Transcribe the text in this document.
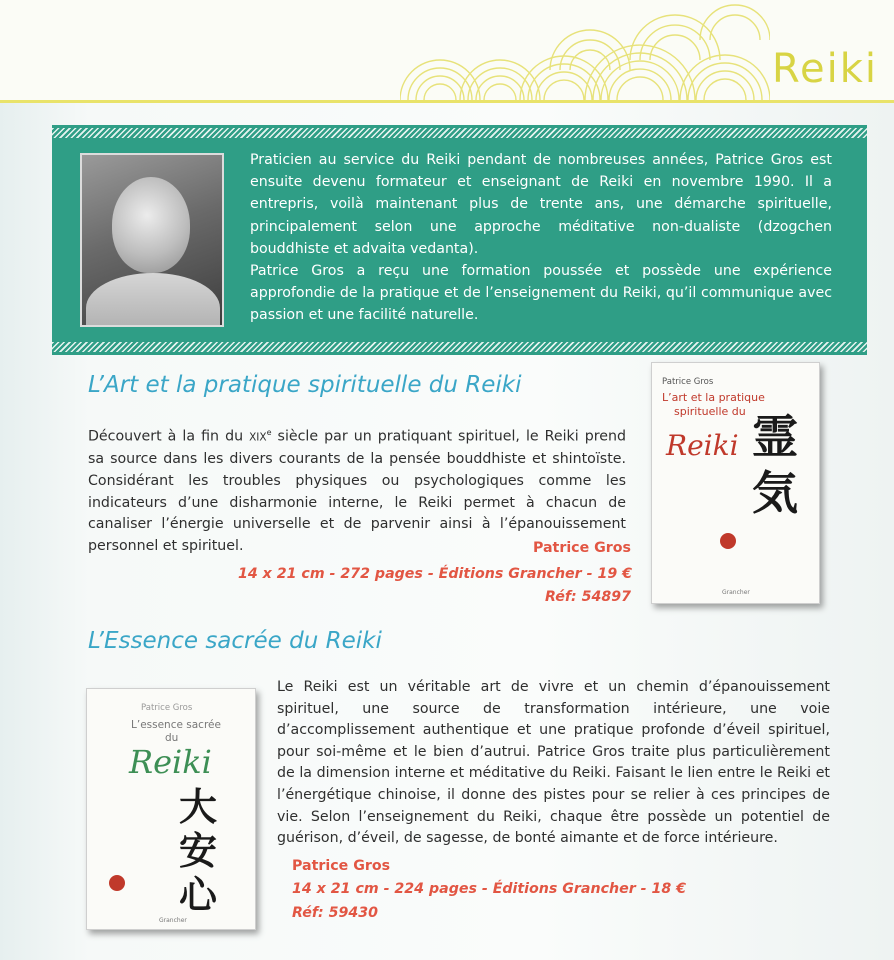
Reiki

Praticien au service du Reiki pendant de nombreuses années, Patrice Gros est ensuite devenu formateur et enseignant de Reiki en novembre 1990. Il a entrepris, voilà maintenant plus de trente ans, une démarche spirituelle, principalement selon une approche méditative non-dualiste (dzogchen bouddhiste et advaita vedanta).

Patrice Gros a reçu une formation poussée et possède une expérience approfondie de la pratique et de l’enseignement du Reiki, qu’il communique avec passion et une facilité naturelle.

L’Art et la pratique spirituelle du Reiki

Découvert à la fin du XIXe siècle par un pratiquant spirituel, le Reiki prend sa source dans les divers courants de la pensée bouddhiste et shintoïste. Considérant les troubles physiques ou psychologiques comme les indicateurs d’une disharmonie interne, le Reiki permet à chacun de canaliser l’énergie universelle et de parvenir ainsi à l’épanouissement personnel et spirituel.	Patrice Gros
14 x 21 cm - 272 pages - Éditions Grancher - 19 €
Réf: 54897
Patrice Gros
L’art et la pratique
spirituelle du
Reiki 霊気
Grancher
L’Essence sacrée du Reiki

Le Reiki est un véritable art de vivre et un chemin d’épanouissement spirituel, une source de transformation intérieure, une voie d’accomplissement authentique et une pratique profonde d’éveil spirituel, pour soi-même et le bien d’autrui. Patrice Gros traite plus particulièrement de la dimension interne et méditative du Reiki. Faisant le lien entre le Reiki et l’énergétique chinoise, il donne des pistes pour se relier à ces principes de vie. Selon l’enseignement du Reiki, chaque être possède un potentiel de guérison, d’éveil, de sagesse, de bonté aimante et de force intérieure.

Patrice Gros
14 x 21 cm - 224 pages - Éditions Grancher - 18 €
Réf: 59430
Patrice Gros
L’essence sacrée
du
Reiki
大安心
Grancher
